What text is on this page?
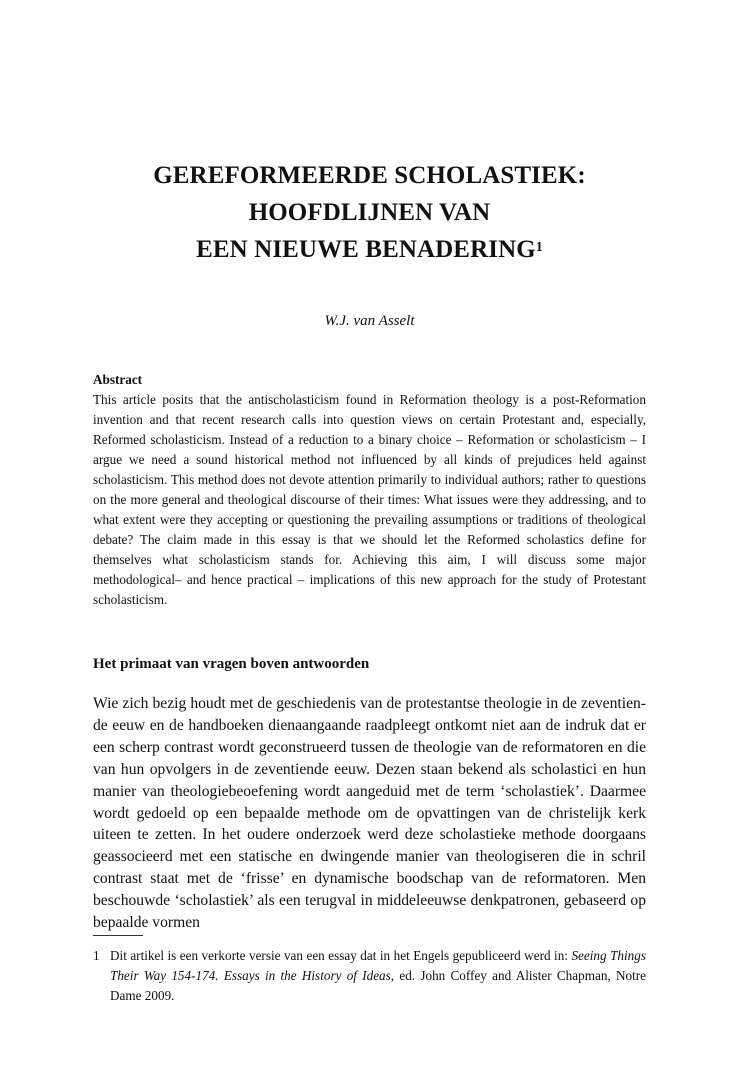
GEREFORMEERDE SCHOLASTIEK:
HOOFDLIJNEN VAN
EEN NIEUWE BENADERING$^1$
W.J. van Asselt
Abstract

This article posits that the antischolasticism found in Reformation theology is a post-Reformation invention and that recent research calls into question views on certain Protestant and, especially, Reformed scholasticism. Instead of a reduction to a binary choice – Reformation or scholasticism – I argue we need a sound historical method not influenced by all kinds of prejudices held against scholasticism. This method does not devote attention primarily to individual authors; rather to questions on the more general and theological discourse of their times: What issues were they addressing, and to what extent were they accepting or questioning the prevailing assumptions or traditions of theological debate? The claim made in this essay is that we should let the Reformed scholastics define for themselves what scholasticism stands for. Achieving this aim, I will discuss some major methodological– and hence practical – implications of this new approach for the study of Protestant scholasticism.

Het primaat van vragen boven antwoorden

Wie zich bezig houdt met de geschiedenis van de protestantse theologie in de zeventiende eeuw en de handboeken dienaangaande raadpleegt ontkomt niet aan de indruk dat er een scherp contrast wordt geconstrueerd tussen de theologie van de reformatoren en die van hun opvolgers in de zeventiende eeuw. Dezen staan bekend als scholastici en hun manier van theologiebeoefening wordt aangeduid met de term ‘scholastiek’. Daarmee wordt gedoeld op een bepaalde methode om de opvattingen van de christelijk kerk uiteen te zetten. In het oudere onderzoek werd deze scholastieke methode doorgaans geassocieerd met een statische en dwingende manier van theologiseren die in schril contrast staat met de ‘frisse’ en dynamische boodschap van de reformatoren. Men beschouwde ‘scholastiek’ als een terugval in middeleeuwse denkpatronen, gebaseerd op bepaalde vormen

1 Dit artikel is een verkorte versie van een essay dat in het Engels gepubliceerd werd in: Seeing Things Their Way 154-174. Essays in the History of Ideas, ed. John Coffey and Alister Chapman, Notre Dame 2009.
